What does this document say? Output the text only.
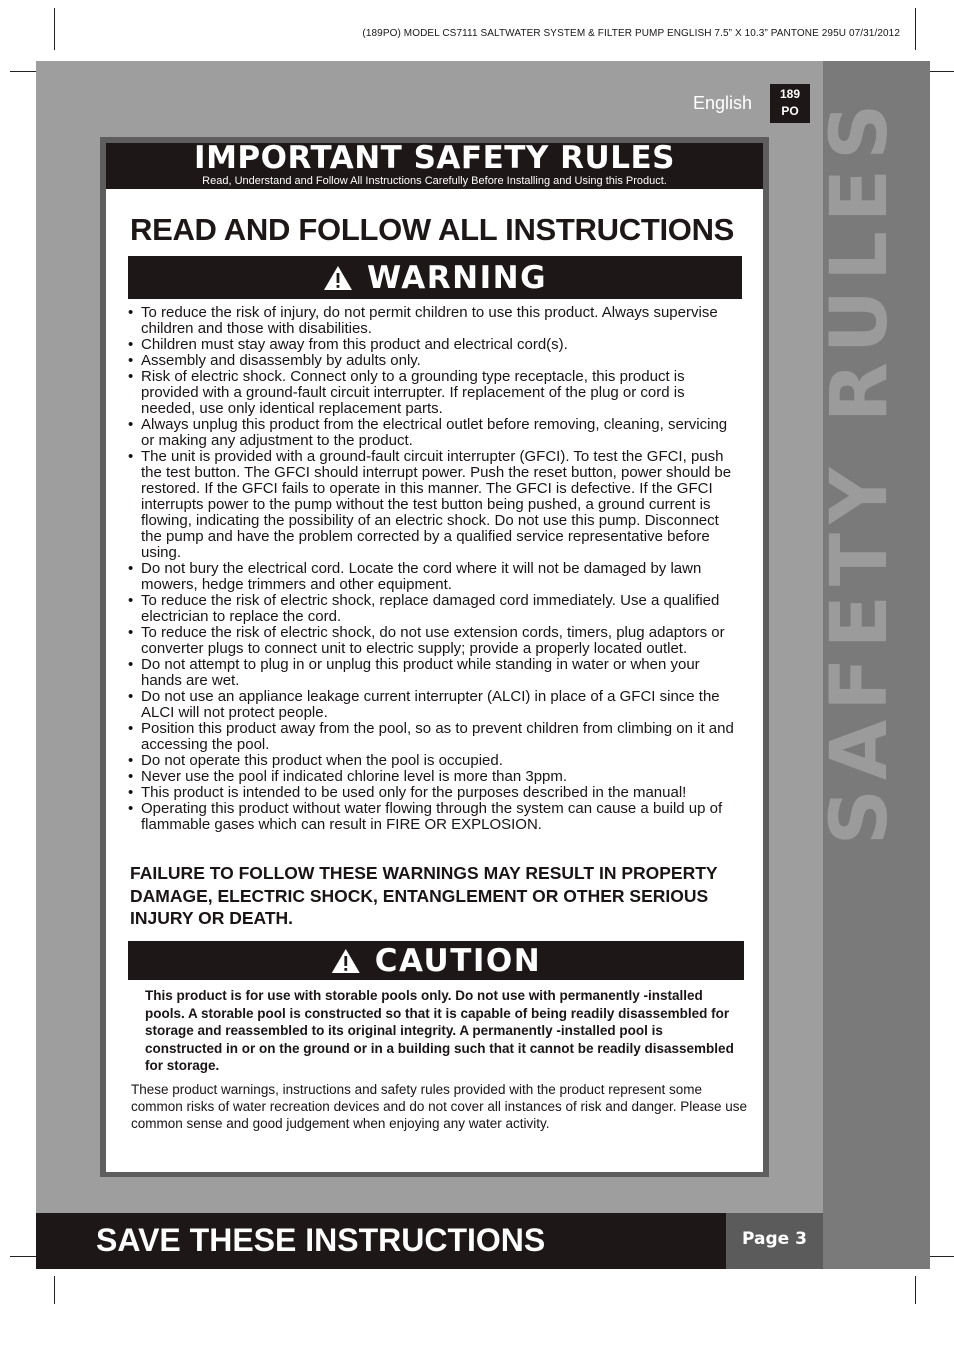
(189PO) MODEL CS7111 SALTWATER SYSTEM & FILTER PUMP ENGLISH 7.5” X 10.3” PANTONE 295U 07/31/2012
SAFETY RULES
English	189
PO
IMPORTANT SAFETY RULES
Read, Understand and Follow All Instructions Carefully Before Installing and Using this Product.
READ AND FOLLOW ALL INSTRUCTIONS
WARNING
• To reduce the risk of injury, do not permit children to use this product. Always supervise children and those with disabilities.
• Children must stay away from this product and electrical cord(s).
• Assembly and disassembly by adults only.
• Risk of electric shock. Connect only to a grounding type receptacle, this product is provided with a ground-fault circuit interrupter. If replacement of the plug or cord is needed, use only identical replacement parts.
• Always unplug this product from the electrical outlet before removing, cleaning, servicing or making any adjustment to the product.
• The unit is provided with a ground-fault circuit interrupter (GFCI). To test the GFCI, push the test button. The GFCI should interrupt power. Push the reset button, power should be restored. If the GFCI fails to operate in this manner. The GFCI is defective. If the GFCI interrupts power to the pump without the test button being pushed, a ground current is flowing, indicating the possibility of an electric shock. Do not use this pump. Disconnect the pump and have the problem corrected by a qualified service representative before using.
• Do not bury the electrical cord. Locate the cord where it will not be damaged by lawn mowers, hedge trimmers and other equipment.
• To reduce the risk of electric shock, replace damaged cord immediately. Use a qualified electrician to replace the cord.
• To reduce the risk of electric shock, do not use extension cords, timers, plug adaptors or converter plugs to connect unit to electric supply; provide a properly located outlet.
• Do not attempt to plug in or unplug this product while standing in water or when your hands are wet.
• Do not use an appliance leakage current interrupter (ALCI) in place of a GFCI since the ALCI will not protect people.
• Position this product away from the pool, so as to prevent children from climbing on it and accessing the pool.
• Do not operate this product when the pool is occupied.
• Never use the pool if indicated chlorine level is more than 3ppm.
• This product is intended to be used only for the purposes described in the manual!
• Operating this product without water flowing through the system can cause a build up of flammable gases which can result in FIRE OR EXPLOSION.
FAILURE TO FOLLOW THESE WARNINGS MAY RESULT IN PROPERTY DAMAGE, ELECTRIC SHOCK, ENTANGLEMENT OR OTHER SERIOUS INJURY OR DEATH.
CAUTION
This product is for use with storable pools only. Do not use with permanently -installed pools. A storable pool is constructed so that it is capable of being readily disassembled for storage and reassembled to its original integrity. A permanently -installed pool is constructed in or on the ground or in a building such that it cannot be readily disassembled for storage.
These product warnings, instructions and safety rules provided with the product represent some common risks of water recreation devices and do not cover all instances of risk and danger. Please use common sense and good judgement when enjoying any water activity.
SAVE THESE INSTRUCTIONS	Page 3
